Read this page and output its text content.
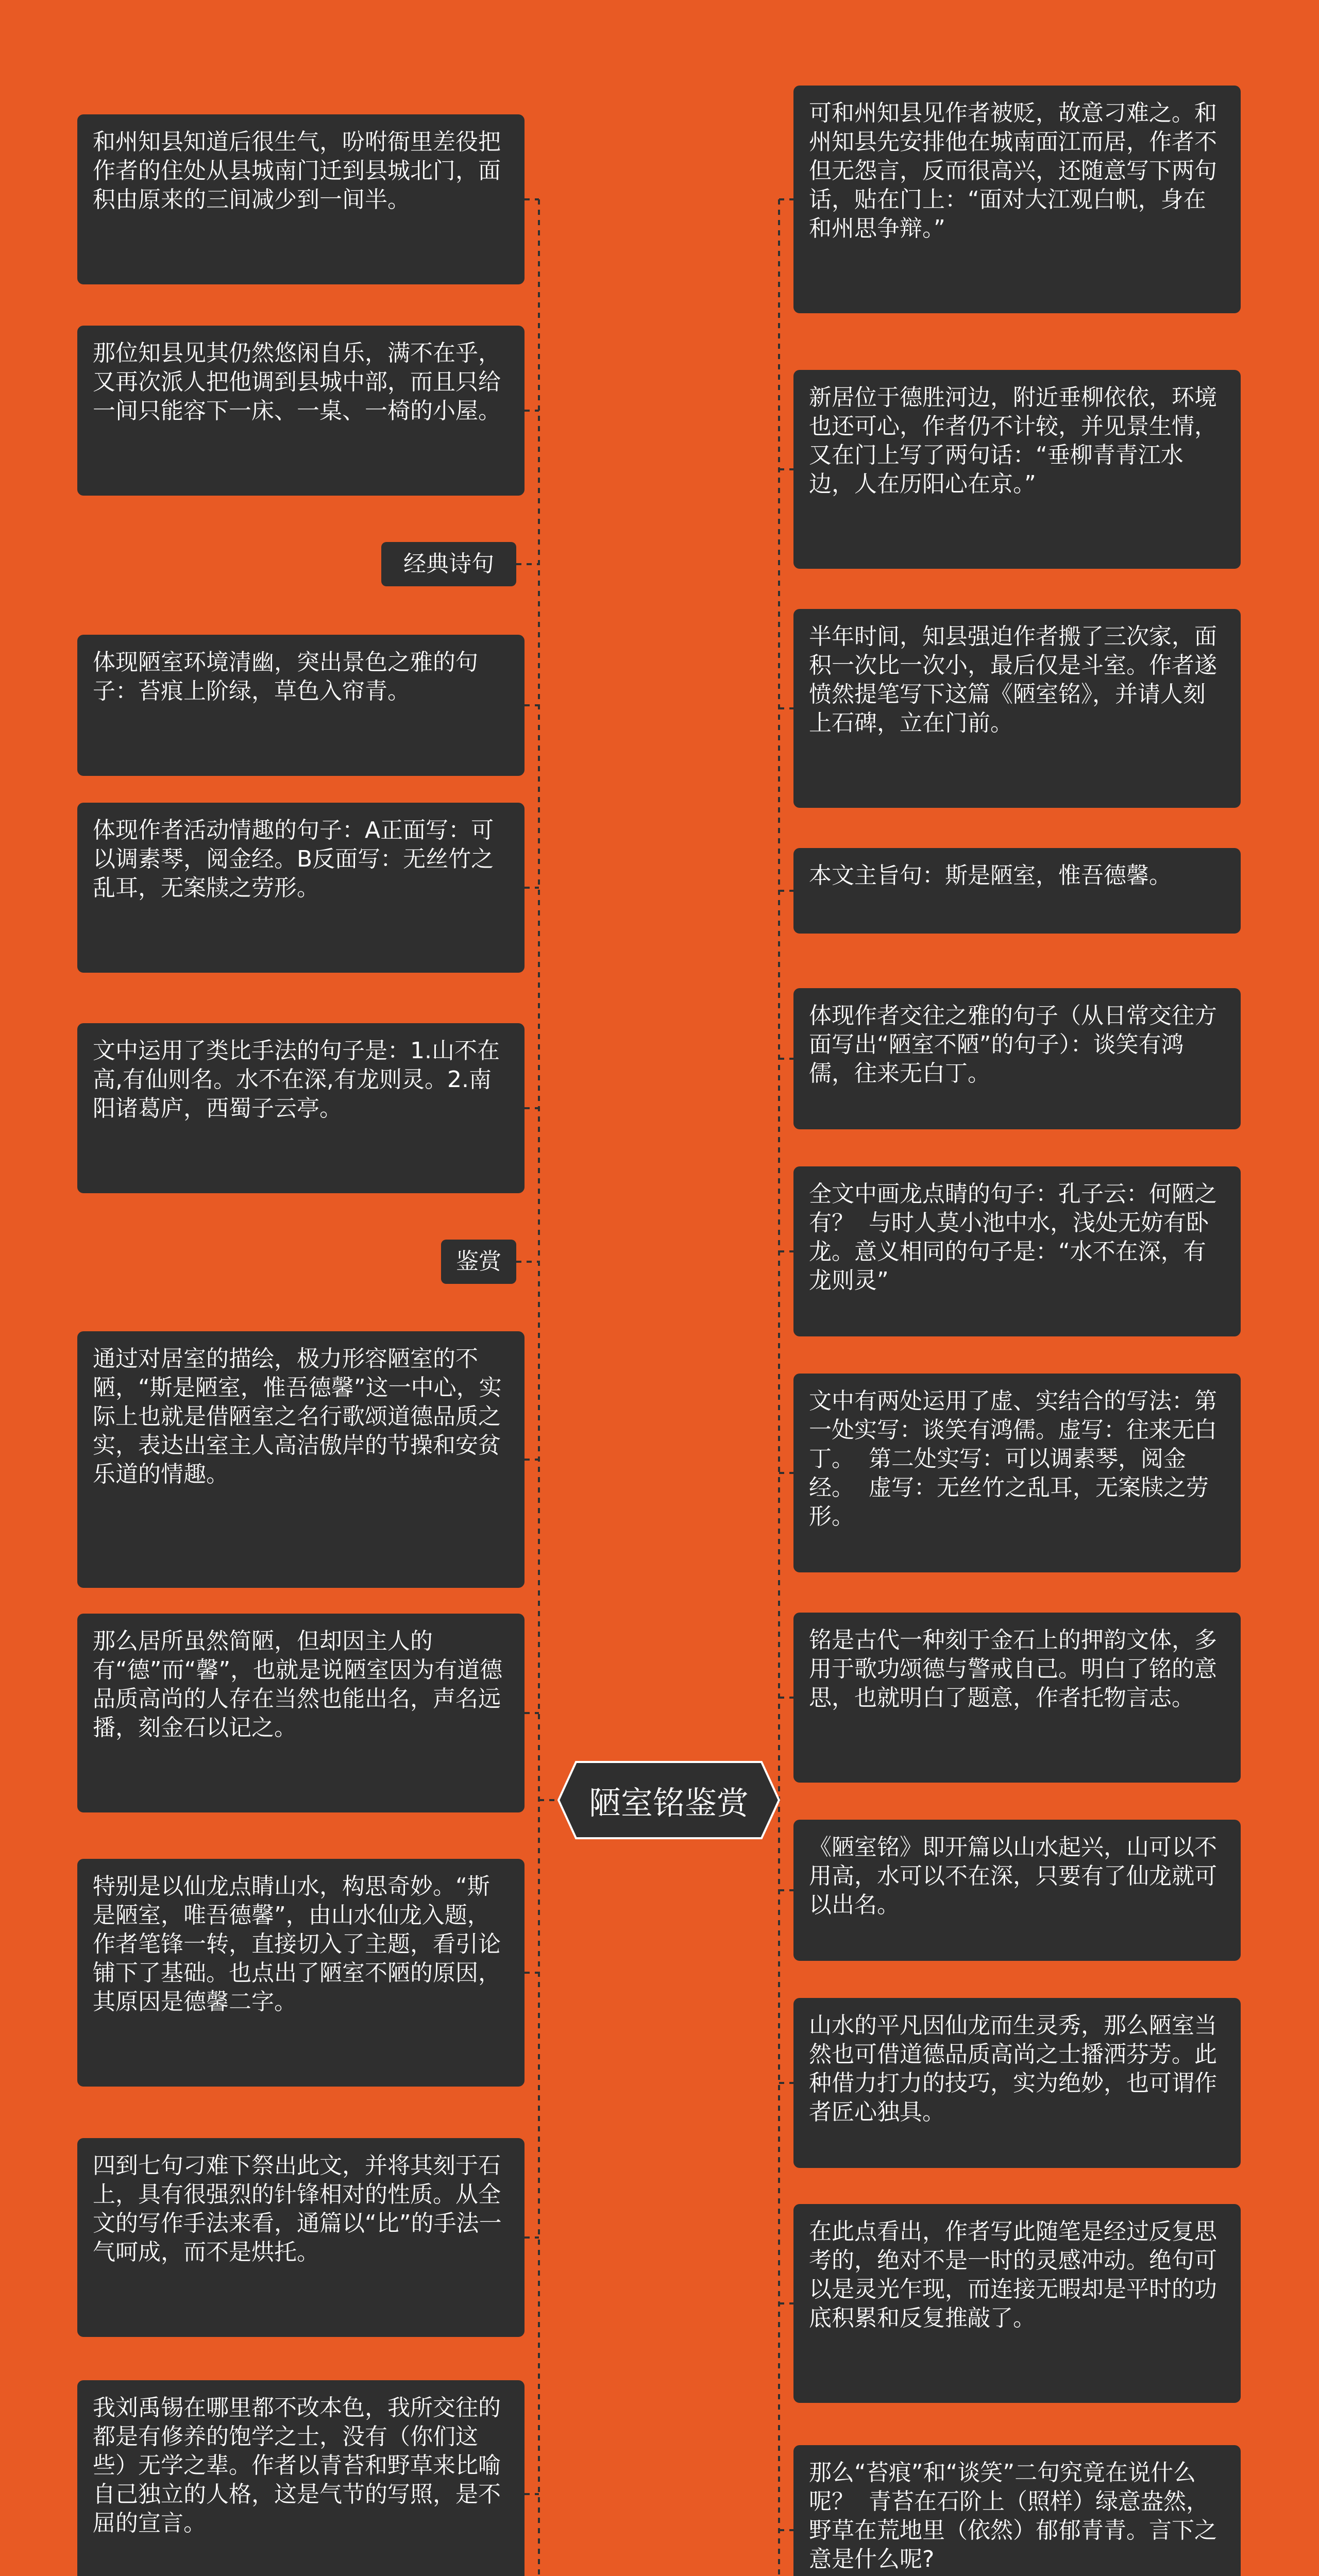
陋室铭鉴赏
和州知县知道后很生气，吩咐衙里差役把作者的住处从县城南门迁到县城北门，面积由原来的三间减少到一间半。
那位知县见其仍然悠闲自乐，满不在乎，又再次派人把他调到县城中部，而且只给一间只能容下一床、一桌、一椅的小屋。
经典诗句
体现陋室环境清幽，突出景色之雅的句子：苔痕上阶绿，草色入帘青。
体现作者活动情趣的句子：A正面写：可以调素琴，阅金经。B反面写：无丝竹之乱耳，无案牍之劳形。
文中运用了类比手法的句子是：1.山不在高,有仙则名。水不在深,有龙则灵。2.南阳诸葛庐，西蜀子云亭。
鉴赏
通过对居室的描绘，极力形容陋室的不陋，“斯是陋室，惟吾德馨”这一中心，实际上也就是借陋室之名行歌颂道德品质之实，表达出室主人高洁傲岸的节操和安贫乐道的情趣。
那么居所虽然简陋，但却因主人的有“德”而“馨”，也就是说陋室因为有道德品质高尚的人存在当然也能出名，声名远播，刻金石以记之。
特别是以仙龙点睛山水，构思奇妙。“斯是陋室，唯吾德馨”，由山水仙龙入题，作者笔锋一转，直接切入了主题，看引论铺下了基础。也点出了陋室不陋的原因，其原因是德馨二字。
四到七句刁难下祭出此文，并将其刻于石上，具有很强烈的针锋相对的性质。从全文的写作手法来看，通篇以“比”的手法一气呵成，而不是烘托。
我刘禹锡在哪里都不改本色，我所交往的都是有修养的饱学之士，没有（你们这些）无学之辈。作者以青苔和野草来比喻自己独立的人格，这是气节的写照，是不屈的宣言。
可和州知县见作者被贬，故意刁难之。和州知县先安排他在城南面江而居，作者不但无怨言，反而很高兴，还随意写下两句话，贴在门上：“面对大江观白帆，身在和州思争辩。”
新居位于德胜河边，附近垂柳依依，环境也还可心，作者仍不计较，并见景生情，又在门上写了两句话：“垂柳青青江水边，人在历阳心在京。”
半年时间，知县强迫作者搬了三次家，面积一次比一次小，最后仅是斗室。作者遂愤然提笔写下这篇《陋室铭》，并请人刻上石碑，立在门前。
本文主旨句：斯是陋室，惟吾德馨。
体现作者交往之雅的句子（从日常交往方面写出“陋室不陋”的句子）：谈笑有鸿儒，往来无白丁。
全文中画龙点睛的句子：孔子云：何陋之有？  与时人莫小池中水，浅处无妨有卧龙。意义相同的句子是：“水不在深，有龙则灵”
文中有两处运用了虚、实结合的写法：第一处实写：谈笑有鸿儒。虚写：往来无白丁。  第二处实写：可以调素琴，阅金经。  虚写：无丝竹之乱耳，无案牍之劳形。
铭是古代一种刻于金石上的押韵文体，多用于歌功颂德与警戒自己。明白了铭的意思，也就明白了题意，作者托物言志。
《陋室铭》即开篇以山水起兴，山可以不用高，水可以不在深，只要有了仙龙就可以出名。
山水的平凡因仙龙而生灵秀，那么陋室当然也可借道德品质高尚之士播洒芬芳。此种借力打力的技巧，实为绝妙，也可谓作者匠心独具。
在此点看出，作者写此随笔是经过反复思考的，绝对不是一时的灵感冲动。绝句可以是灵光乍现，而连接无暇却是平时的功底积累和反复推敲了。
那么“苔痕”和“谈笑”二句究竟在说什么呢？  青苔在石阶上（照样）绿意盎然，野草在荒地里（依然）郁郁青青。言下之意是什么呢?
